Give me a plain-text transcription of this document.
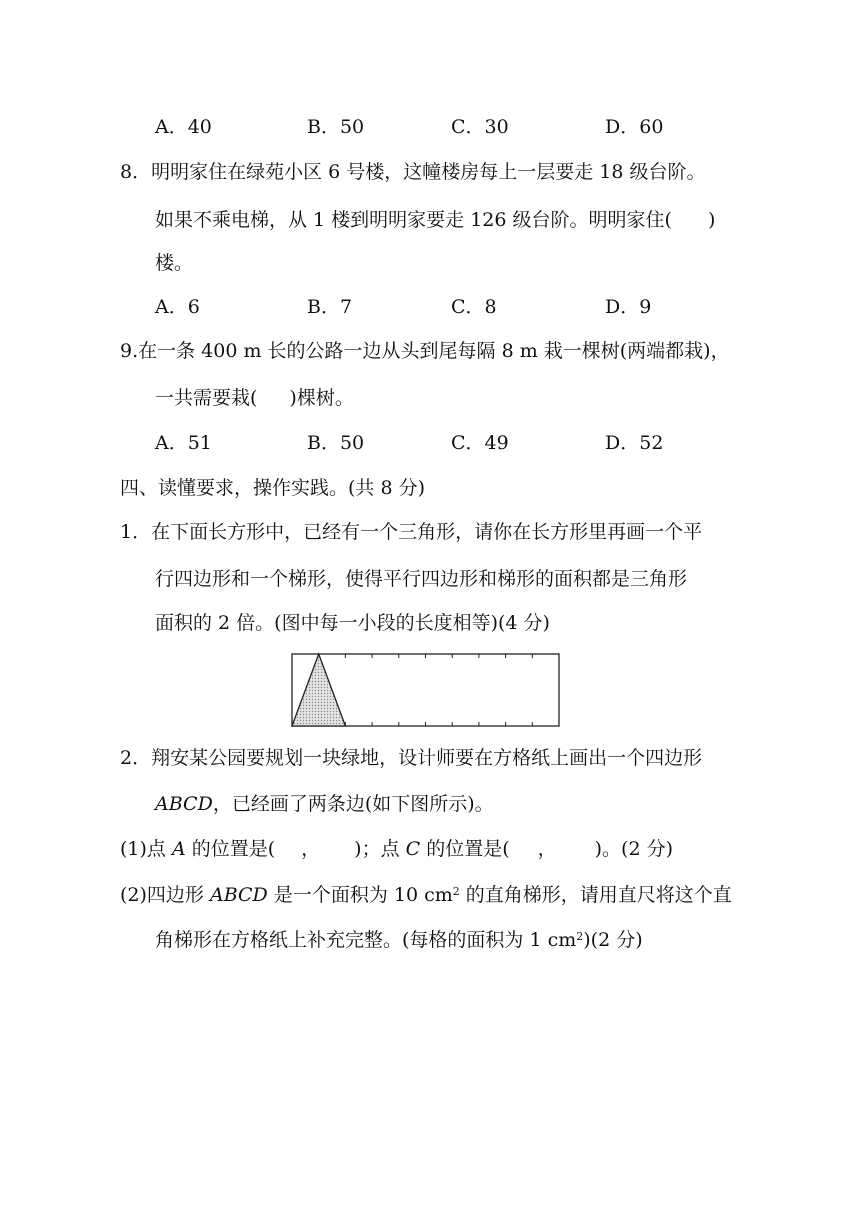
A．40	B．50	C．30	D．60
8．明明家住在绿苑小区 6 号楼，这幢楼房每上一层要走 18 级台阶。
如果不乘电梯，从 1 楼到明明家要走 126 级台阶。明明家住( )
楼。
A．6	B．7	C．8	D．9
9.在一条 400 m 长的公路一边从头到尾每隔 8 m 栽一棵树(两端都栽)，
一共需要栽( )棵树。
A．51	B．50	C．49	D．52
四、读懂要求，操作实践。(共 8 分)
1．在下面长方形中，已经有一个三角形，请你在长方形里再画一个平
行四边形和一个梯形，使得平行四边形和梯形的面积都是三角形
面积的 2 倍。(图中每一小段的长度相等)(4 分)
2．翔安某公园要规划一块绿地，设计师要在方格纸上画出一个四边形
ABCD，已经画了两条边(如下图所示)。
(1)点 A 的位置是( ， )；点 C 的位置是( ， )。(2 分)
(2)四边形 ABCD 是一个面积为 10 $cm^2$ 的直角梯形，请用直尺将这个直
角梯形在方格纸上补充完整。(每格的面积为 1 $cm^2)(2$ 分)
